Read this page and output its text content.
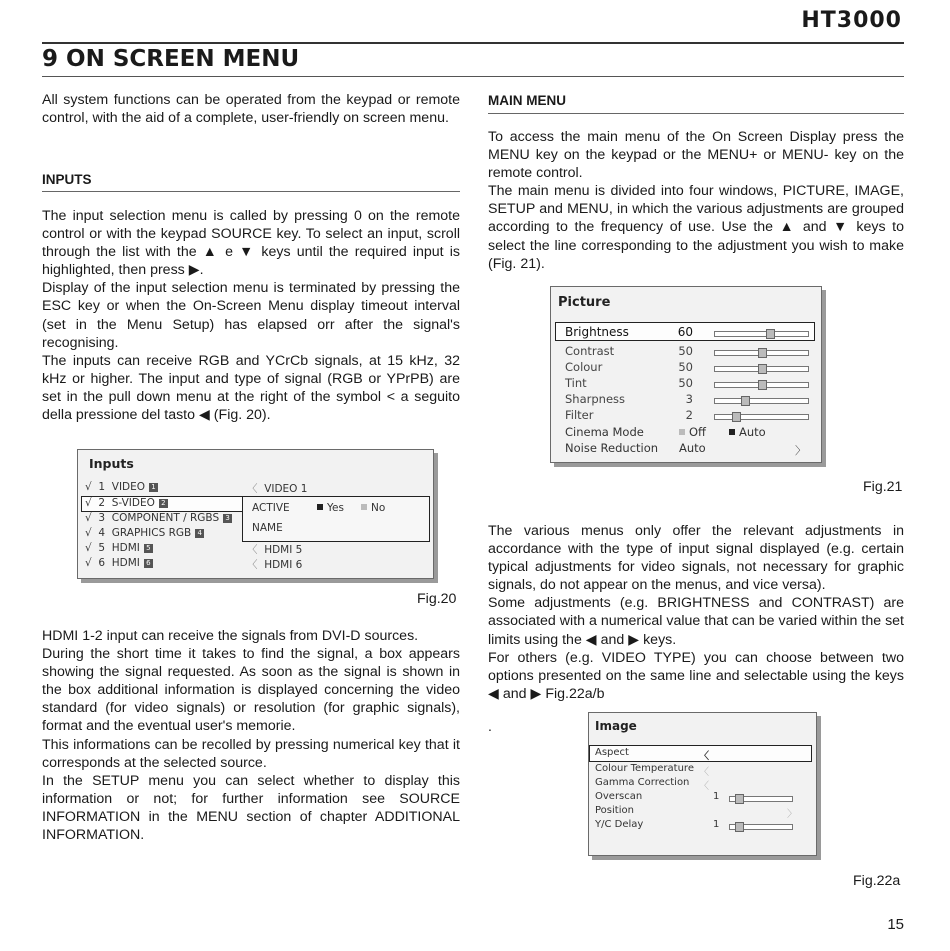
HT3000
9 ON SCREEN MENU

All system functions can be operated from the keypad or remote control, with the aid of a complete, user-friendly on screen menu.

INPUTS

The input selection menu is called by pressing 0 on the remote control or with the keypad SOURCE key. To select an input, scroll through the list with the ▲ e ▼ keys until the required input is highlighted, then press ▶.

Display of the input selection menu is terminated by pressing the ESC key or when the On-Screen Menu display timeout interval (set in the Menu Setup) has elapsed orr after the signal's recognising.

The inputs can receive RGB and YCrCb signals, at 15 kHz, 32 kHz or higher. The input and type of signal (RGB or YPrPB) are set in the pull down menu at the right of the symbol < a seguito della pressione del tasto ◀ (Fig. 20).

Inputs
√ 1 VIDEO 1	〈 VIDEO 1
√ 2 S-VIDEO 2
√ 3 COMPONENT / RGBS 3
√ 4 GRAPHICS RGB 4
√ 5 HDMI 5	〈 HDMI 5
√ 6 HDMI 6	〈 HDMI 6
ACTIVE	Yes	No
NAME
Fig.20

HDMI 1-2 input can receive the signals from DVI-D sources.

During the short time it takes to find the signal, a box appears showing the signal requested. As soon as the signal is shown in the box additional information is displayed concerning the video standard (for video signals) or resolution (for graphic signals), format and the eventual user's memorie.

This informations can be recolled by pressing numerical key that it corresponds at the selected source.

In the SETUP menu you can select whether to display this information or not; for further information see SOURCE INFORMATION in the MENU section of chapter ADDITIONAL INFORMATION.

MAIN MENU

To access the main menu of the On Screen Display press the MENU key on the keypad or the MENU+ or MENU- key on the remote control.

The main menu is divided into four windows, PICTURE, IMAGE, SETUP and MENU, in which the various adjustments are grouped according to the frequency of use. Use the ▲ and ▼ keys to select the line corresponding to the adjustment you wish to make (Fig. 21).

Picture
Brightness	60
Contrast	50
Colour	50
Tint	50
Sharpness	3
Filter	2
Cinema Mode	Off	Auto
Noise Reduction Auto	〉
Fig.21

The various menus only offer the relevant adjustments in accordance with the type of input signal displayed (e.g. certain typical adjustments for video signals, not necessary for graphic signals, do not appear on the menus, and vice versa).

Some adjustments (e.g. BRIGHTNESS and CONTRAST) are associated with a numerical value that can be varied within the set limits using the ◀ and ▶ keys.

For others (e.g. VIDEO TYPE) you can choose between two options presented on the same line and selectable using the keys ◀ and ▶ Fig.22a/b

.	Image
Aspect	〈
Colour Temperature 〈
Gamma Correction 〈
Overscan	1
Position	〉
Y/C Delay	1
Fig.22a
15
